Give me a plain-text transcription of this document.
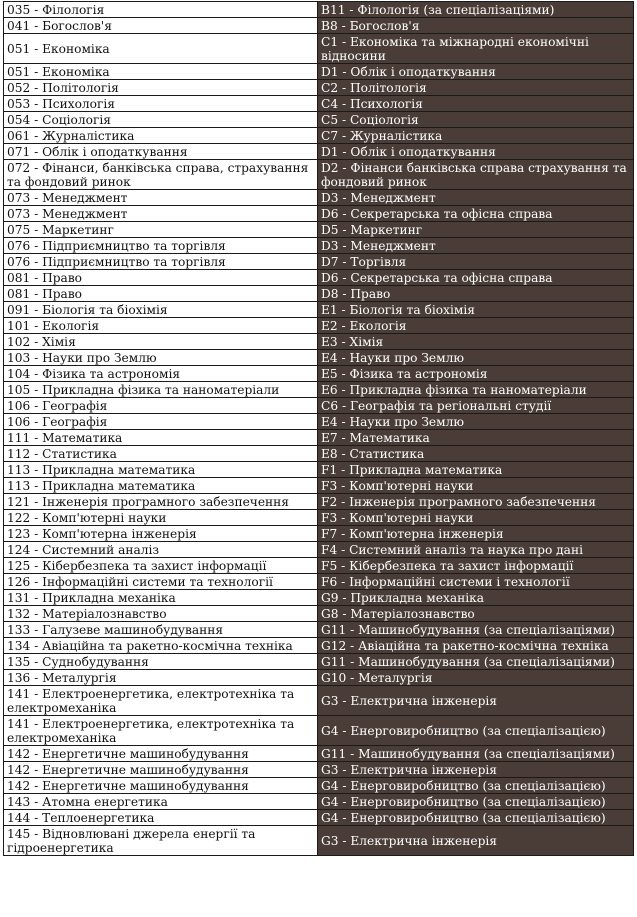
035 - Філологія	B11 - Філологія (за спеціалізаціями)
041 - Богослов'я	B8 - Богослов'я
051 - Економіка	C1 - Економіка та міжнародні економічні відносини
051 - Економіка	D1 - Облік і оподаткування
052 - Політологія	C2 - Політологія
053 - Психологія	C4 - Психологія
054 - Соціологія	C5 - Соціологія
061 - Журналістика	C7 - Журналістика
071 - Облік і оподаткування	D1 - Облік і оподаткування
072 - Фінанси, банківська справа, страхування та фондовий ринок	D2 - Фінанси банківська справа страхування та фондовий ринок
073 - Менеджмент	D3 - Менеджмент
073 - Менеджмент	D6 - Секретарська та офісна справа
075 - Маркетинг	D5 - Маркетинг
076 - Підприємництво та торгівля	D3 - Менеджмент
076 - Підприємництво та торгівля	D7 - Торгівля
081 - Право	D6 - Секретарська та офісна справа
081 - Право	D8 - Право
091 - Біологія та біохімія	E1 - Біологія та біохімія
101 - Екологія	E2 - Екологія
102 - Хімія	E3 - Хімія
103 - Науки про Землю	E4 - Науки про Землю
104 - Фізика та астрономія	E5 - Фізика та астрономія
105 - Прикладна фізика та наноматеріали	E6 - Прикладна фізика та наноматеріали
106 - Географія	C6 - Географія та регіональні студії
106 - Географія	E4 - Науки про Землю
111 - Математика	E7 - Математика
112 - Статистика	E8 - Статистика
113 - Прикладна математика	F1 - Прикладна математика
113 - Прикладна математика	F3 - Комп'ютерні науки
121 - Інженерія програмного забезпечення	F2 - Інженерія програмного забезпечення
122 - Комп'ютерні науки	F3 - Комп'ютерні науки
123 - Комп'ютерна інженерія	F7 - Комп'ютерна інженерія
124 - Системний аналіз	F4 - Системний аналіз та наука про дані
125 - Кібербезпека та захист інформації	F5 - Кібербезпека та захист інформації
126 - Інформаційні системи та технології	F6 - Інформаційні системи і технології
131 - Прикладна механіка	G9 - Прикладна механіка
132 - Матеріалознавство	G8 - Матеріалознавство
133 - Галузеве машинобудування	G11 - Машинобудування (за спеціалізаціями)
134 - Авіаційна та ракетно-космічна техніка	G12 - Авіаційна та ракетно-космічна техніка
135 - Суднобудування	G11 - Машинобудування (за спеціалізаціями)
136 - Металургія	G10 - Металургія
141 - Електроенергетика, електротехніка та електромеханіка	G3 - Електрична інженерія
141 - Електроенергетика, електротехніка та електромеханіка	G4 - Енерговиробництво (за спеціалізацією)
142 - Енергетичне машинобудування	G11 - Машинобудування (за спеціалізаціями)
142 - Енергетичне машинобудування	G3 - Електрична інженерія
142 - Енергетичне машинобудування	G4 - Енерговиробництво (за спеціалізацією)
143 - Атомна енергетика	G4 - Енерговиробництво (за спеціалізацією)
144 - Теплоенергетика	G4 - Енерговиробництво (за спеціалізацією)
145 - Відновлювані джерела енергії та гідроенергетика	G3 - Електрична інженерія
